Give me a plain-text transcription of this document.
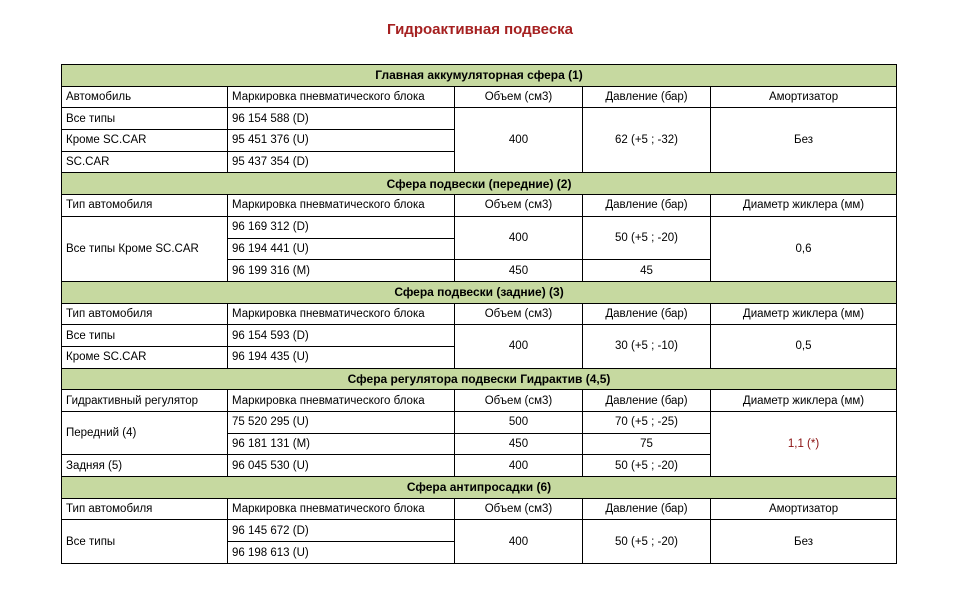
Гидроактивная подвеска
Главная аккумуляторная сфера (1)				
Автомобиль	Маркировка пневматического блока	Объем (см3)	Давление (бар)	Амортизатор
Все типы	96 154 588 (D)	400	62 (+5 ; -32)	Без
Кроме SC.CAR	95 451 376 (U)			
SC.CAR	95 437 354 (D)			
Сфера подвески (передние) (2)				
Тип автомобиля	Маркировка пневматического блока	Объем (см3)	Давление (бар)	Диаметр жиклера (мм)
Все типы Кроме SC.CAR	96 169 312 (D)	400	50 (+5 ; -20)	0,6
	96 194 441 (U)			
	96 199 316 (M)	450	45	
Сфера подвески (задние) (3)				
Тип автомобиля	Маркировка пневматического блока	Объем (см3)	Давление (бар)	Диаметр жиклера (мм)
Все типы	96 154 593 (D)	400	30 (+5 ; -10)	0,5
Кроме SC.CAR	96 194 435 (U)			
Сфера регулятора подвески Гидрактив (4,5)				
Гидрактивный регулятор	Маркировка пневматического блока	Объем (см3)	Давление (бар)	Диаметр жиклера (мм)
Передний (4)	75 520 295 (U)	500	70 (+5 ; -25)	1,1 (*)
	96 181 131 (M)	450	75	
Задняя (5)	96 045 530 (U)	400	50 (+5 ; -20)	
Сфера антипросадки (6)				
Тип автомобиля	Маркировка пневматического блока	Объем (см3)	Давление (бар)	Амортизатор
Все типы	96 145 672 (D)	400	50 (+5 ; -20)	Без
	96 198 613 (U)			
